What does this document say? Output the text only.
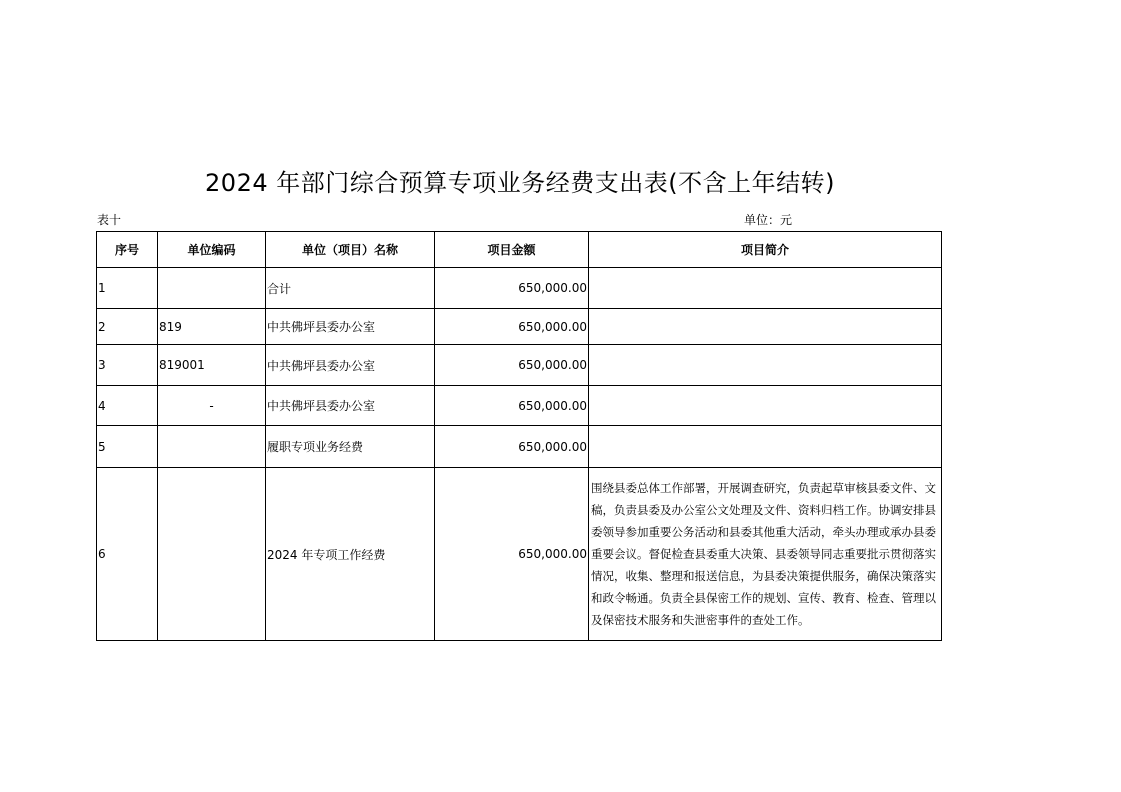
2024 年部门综合预算专项业务经费支出表(不含上年结转)
表十	单位：元
序号	单位编码	单位（项目）名称	项目金额	项目简介
1		合计	650,000.00	
2	819	中共佛坪县委办公室	650,000.00	
3	819001	中共佛坪县委办公室	650,000.00	
4	-	中共佛坪县委办公室	650,000.00	
5		履职专项业务经费	650,000.00	
6		2024 年专项工作经费	650,000.00	围绕县委总体工作部署，开展调查研究，负责起草审核县委文件、文稿，负责县委及办公室公文处理及文件、资料归档工作。协调安排县委领导参加重要公务活动和县委其他重大活动，牵头办理或承办县委重要会议。督促检查县委重大决策、县委领导同志重要批示贯彻落实情况，收集、整理和报送信息，为县委决策提供服务，确保决策落实和政令畅通。负责全县保密工作的规划、宣传、教育、检查、管理以及保密技术服务和失泄密事件的查处工作。
